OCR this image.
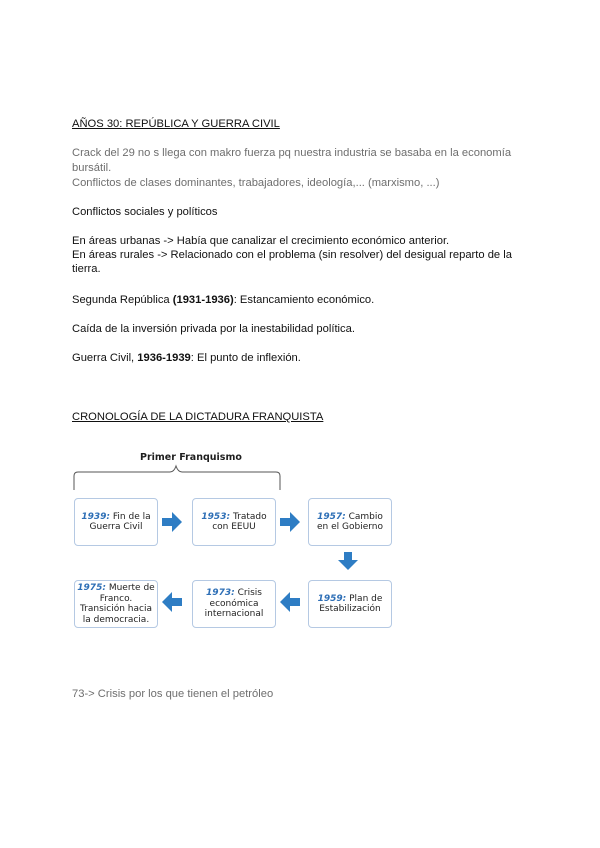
AÑOS 30: REPÚBLICA Y GUERRA CIVIL
Crack del 29 no s llega con makro fuerza pq nuestra industria se basaba en la economía
bursátil.
Conflictos de clases dominantes, trabajadores, ideología,... (marxismo, ...)
Conflictos sociales y políticos
En áreas urbanas -> Había que canalizar el crecimiento económico anterior.
En áreas rurales -> Relacionado con el problema (sin resolver) del desigual reparto de la
tierra.
Segunda República (1931-1936): Estancamiento económico.
Caída de la inversión privada por la inestabilidad política.
Guerra Civil, 1936-1939: El punto de inflexión.
CRONOLOGÍA DE LA DICTADURA FRANQUISTA
Primer Franquismo
1939: Fin de la Guerra Civil
1953: Tratado con EEUU
1957: Cambio en el Gobierno
1959: Plan de Estabilización
1973: Crisis económica internacional
1975: Muerte de Franco. Transición hacia la democracia.
73-> Crisis por los que tienen el petróleo
